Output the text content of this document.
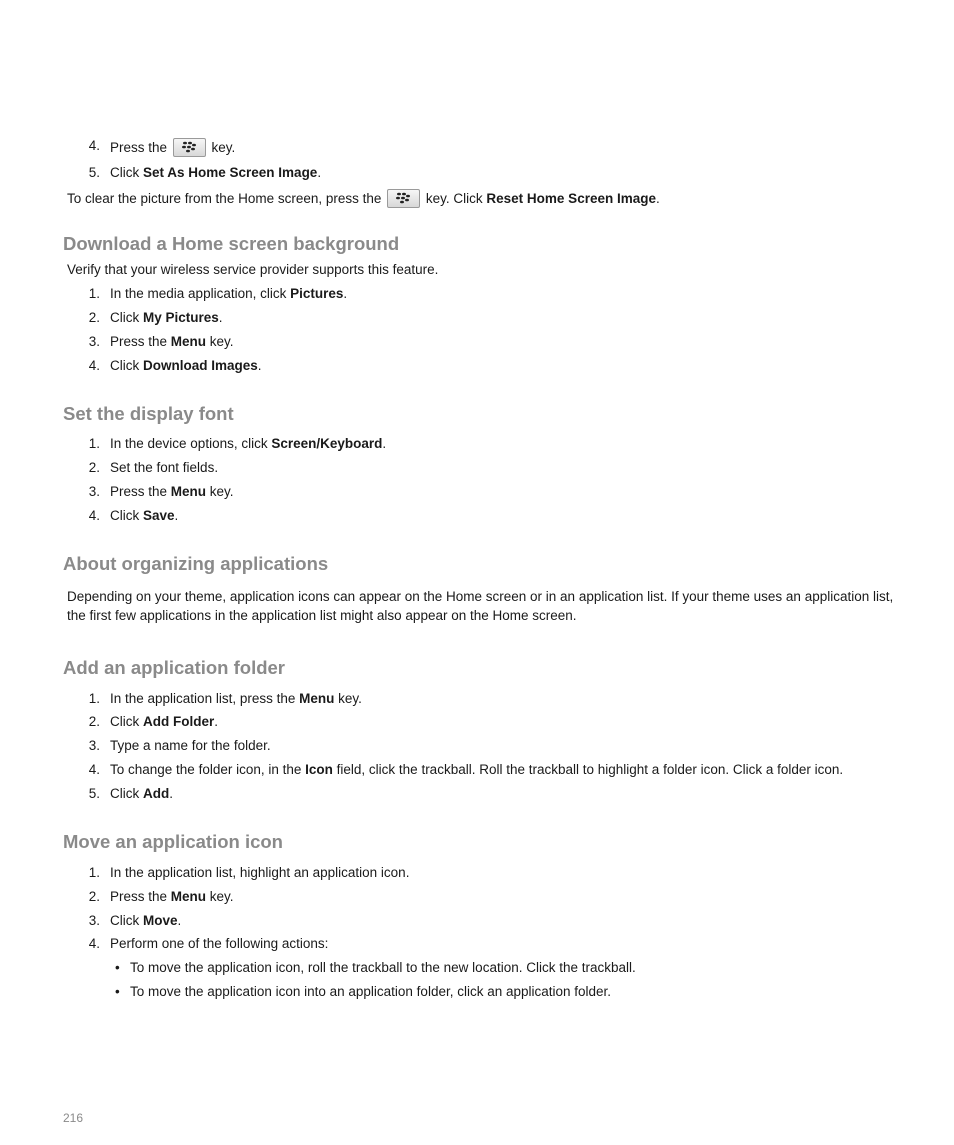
4. Press the	key.
5. Click Set As Home Screen Image.
To clear the picture from the Home screen, press the	key. Click Reset Home Screen Image.
Download a Home screen background
Verify that your wireless service provider supports this feature.
1. In the media application, click Pictures.
2. Click My Pictures.
3. Press the Menu key.
4. Click Download Images.
Set the display font
1. In the device options, click Screen/Keyboard.
2. Set the font fields.
3. Press the Menu key.
4. Click Save.
About organizing applications
Depending on your theme, application icons can appear on the Home screen or in an application list. If your theme uses an application list, the first few applications in the application list might also appear on the Home screen.
Add an application folder
1. In the application list, press the Menu key.
2. Click Add Folder.
3. Type a name for the folder.
4. To change the folder icon, in the Icon field, click the trackball. Roll the trackball to highlight a folder icon. Click a folder icon.
5. Click Add.
Move an application icon
1. In the application list, highlight an application icon.
2. Press the Menu key.
3. Click Move.
4. Perform one of the following actions:
• To move the application icon, roll the trackball to the new location. Click the trackball.
• To move the application icon into an application folder, click an application folder.
216
